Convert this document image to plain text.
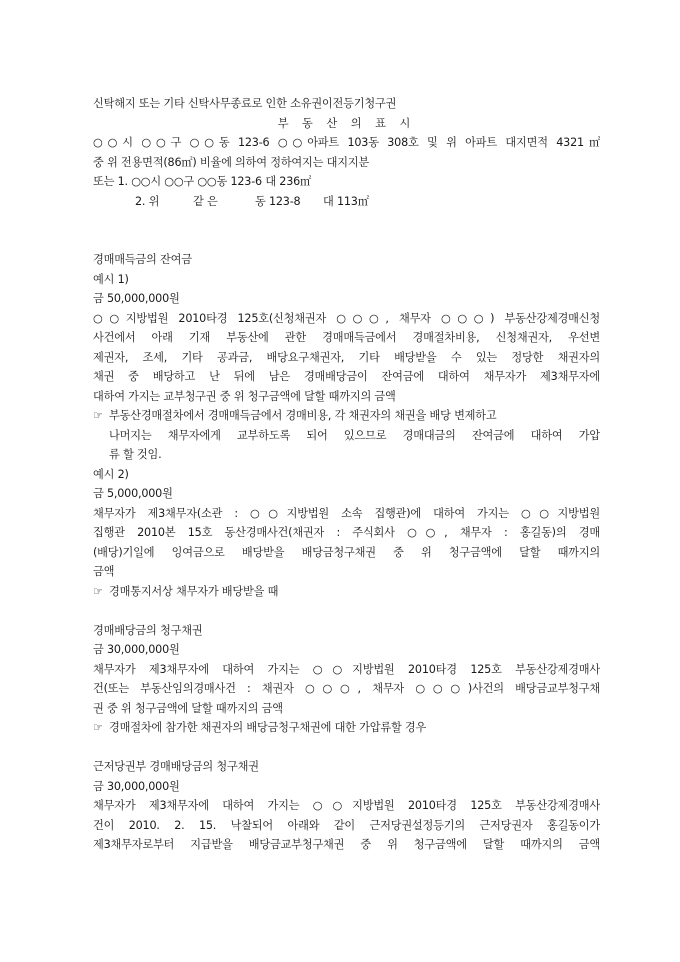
신탁해지 또는 기타 신탁사무종료로 인한 소유권이전등기청구권
부 동 산 의 표 시
○○시 ○○구 ○○동 123-6 ○○아파트 103동 308호 및 위 아파트 대지면적 4321㎡
중 위 전용면적(86㎡) 비율에 의하여 정하여지는 대지지분
또는 1. ○○시 ○○구 ○○동 123-6 대 236㎡
2. 위	같 은	동 123-8 대 113㎡
경매매득금의 잔여금
예시 1)
금 50,000,000원
○○지방법원 2010타경 125호(신청채권자 ○○○, 채무자 ○○○) 부동산강제경매신청
사건에서 아래 기재 부동산에 관한 경매매득금에서 경매절차비용, 신청채권자, 우선변
제권자, 조세, 기타 공과금, 배당요구채권자, 기타 배당받을 수 있는 정당한 채권자의
채권 중 배당하고 난 뒤에 남은 경매배당금이 잔여금에 대하여 채무자가 제3채무자에
대하여 가지는 교부청구권 중 위 청구금액에 달할 때까지의 금액
☞ 부동산경매절차에서 경매매득금에서 경매비용, 각 채권자의 채권을 배당 변제하고
나머지는 채무자에게 교부하도록 되어 있으므로 경매대금의 잔여금에 대하여 가압
류 할 것임.
예시 2)
금 5,000,000원
채무자가 제3채무자(소관 : ○○지방법원 소속 집행관)에 대하여 가지는 ○○지방법원
집행관 2010본 15호 동산경매사건(채권자 : 주식회사 ○○, 채무자 : 홍길동)의 경매
(배당)기일에 잉여금으로 배당받을 배당금청구채권 중 위 청구금액에 달할 때까지의
금액
☞ 경매통지서상 채무자가 배당받을 때
경매배당금의 청구채권
금 30,000,000원
채무자가 제3채무자에 대하여 가지는 ○○지방법원 2010타경 125호 부동산강제경매사
건(또는 부동산임의경매사건 : 채권자 ○○○, 채무자 ○○○)사건의 배당금교부청구채
권 중 위 청구금액에 달할 때까지의 금액
☞ 경매절차에 참가한 채권자의 배당금청구채권에 대한 가압류할 경우
근저당권부 경매배당금의 청구채권
금 30,000,000원
채무자가 제3채무자에 대하여 가지는 ○○지방법원 2010타경 125호 부동산강제경매사
건이 2010. 2. 15. 낙찰되어 아래와 같이 근저당권설정등기의 근저당권자 홍길동이가
제3채무자로부터 지급받을 배당금교부청구채권 중 위 청구금액에 달할 때까지의 금액
